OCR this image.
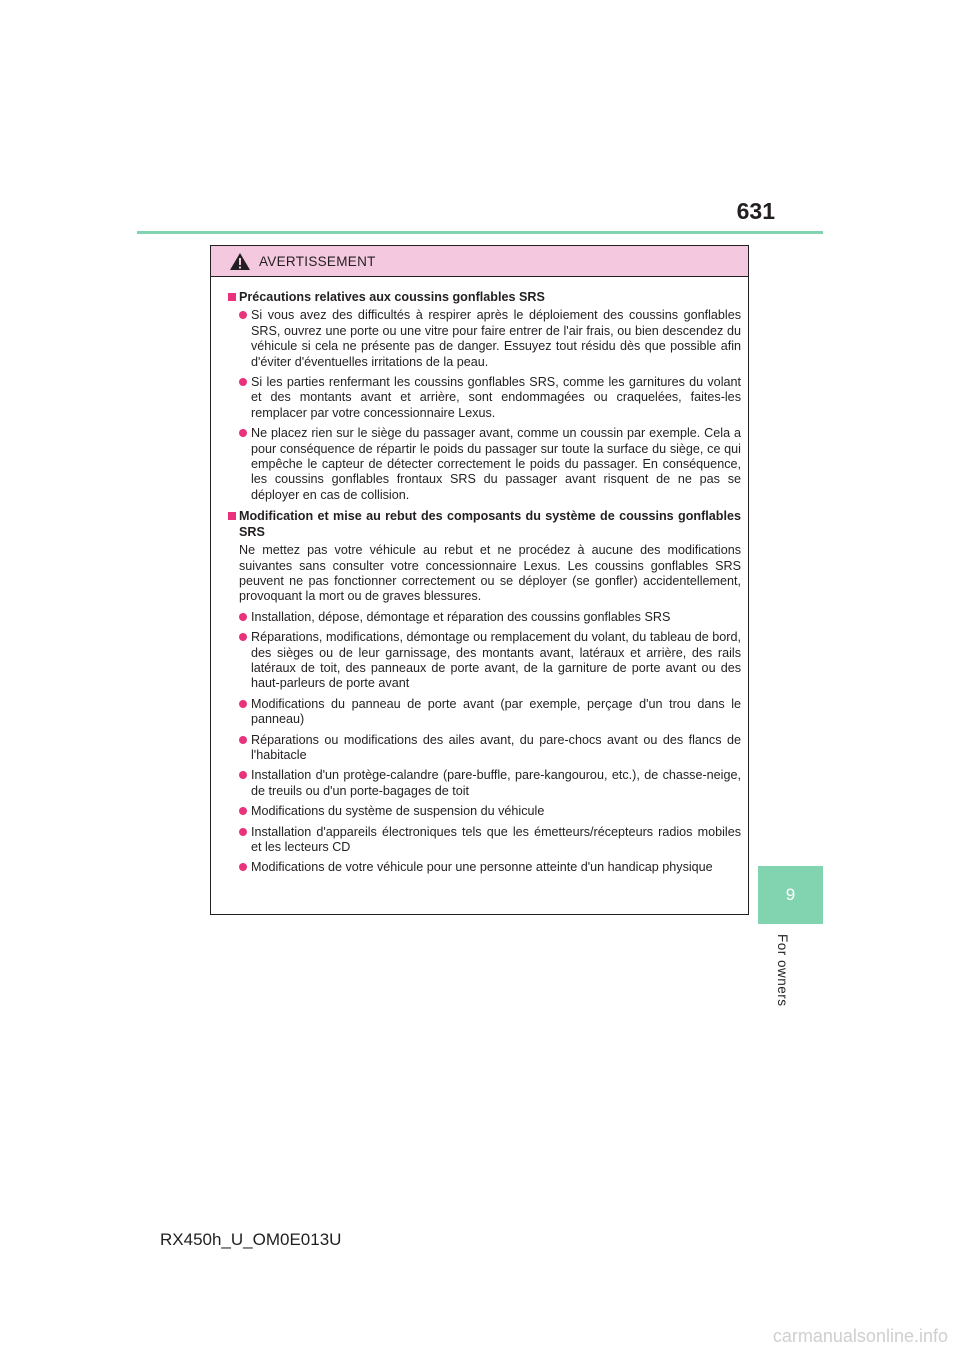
631
AVERTISSEMENT
Précautions relatives aux coussins gonflables SRS
Si vous avez des difficultés à respirer après le déploiement des coussins gonflables SRS, ouvrez une porte ou une vitre pour faire entrer de l'air frais, ou bien descendez du véhicule si cela ne présente pas de danger. Essuyez tout résidu dès que possible afin d'éviter d'éventuelles irritations de la peau.
Si les parties renfermant les coussins gonflables SRS, comme les garnitures du volant et des montants avant et arrière, sont endommagées ou craquelées, faites-les remplacer par votre concessionnaire Lexus.
Ne placez rien sur le siège du passager avant, comme un coussin par exemple. Cela a pour conséquence de répartir le poids du passager sur toute la surface du siège, ce qui empêche le capteur de détecter correctement le poids du passager. En conséquence, les coussins gonflables frontaux SRS du passager avant risquent de ne pas se déployer en cas de collision.
Modification et mise au rebut des composants du système de coussins gonflables SRS
Ne mettez pas votre véhicule au rebut et ne procédez à aucune des modifications suivantes sans consulter votre concessionnaire Lexus. Les coussins gonflables SRS peuvent ne pas fonctionner correctement ou se déployer (se gonfler) accidentellement, provoquant la mort ou de graves blessures.
Installation, dépose, démontage et réparation des coussins gonflables SRS
Réparations, modifications, démontage ou remplacement du volant, du tableau de bord, des sièges ou de leur garnissage, des montants avant, latéraux et arrière, des rails latéraux de toit, des panneaux de porte avant, de la garniture de porte avant ou des haut-parleurs de porte avant
Modifications du panneau de porte avant (par exemple, perçage d'un trou dans le panneau)
Réparations ou modifications des ailes avant, du pare-chocs avant ou des flancs de l'habitacle
Installation d'un protège-calandre (pare-buffle, pare-kangourou, etc.), de chasse-neige, de treuils ou d'un porte-bagages de toit
Modifications du système de suspension du véhicule
Installation d'appareils électroniques tels que les émetteurs/récepteurs radios mobiles et les lecteurs CD
Modifications de votre véhicule pour une personne atteinte d'un handicap physique
9
For owners
RX450h_U_OM0E013U
carmanualsonline.info
